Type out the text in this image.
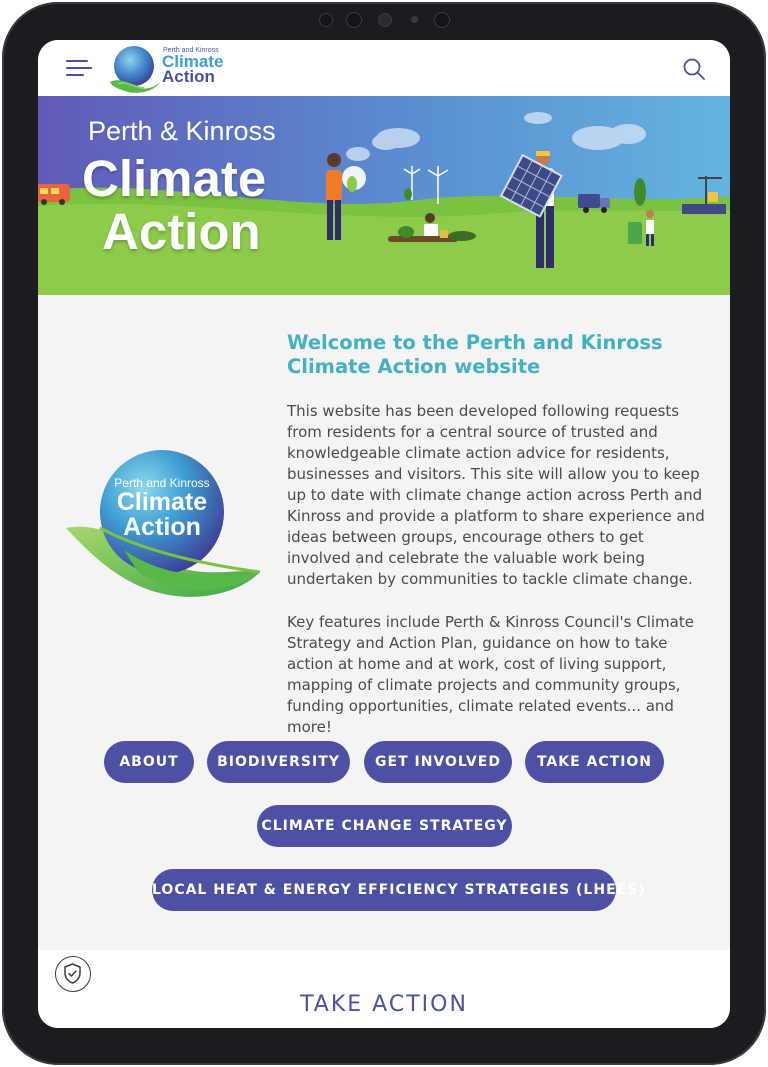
Perth and Kinross
Climate
Action
Perth & Kinross
Climate
Action
Perth and Kinross
Climate
Action
Welcome to the Perth and Kinross Climate Action website
This website has been developed following requests from residents for a central source of trusted and knowledgeable climate action advice for residents, businesses and visitors. This site will allow you to keep up to date with climate change action across Perth and Kinross and provide a platform to share experience and ideas between groups, encourage others to get involved and celebrate the valuable work being undertaken by communities to tackle climate change.
Key features include Perth & Kinross Council's Climate Strategy and Action Plan, guidance on how to take action at home and at work, cost of living support, mapping of climate projects and community groups, funding opportunities, climate related events... and more!
ABOUT	BIODIVERSITY	GET INVOLVED	TAKE ACTION
CLIMATE CHANGE STRATEGY
LOCAL HEAT & ENERGY EFFICIENCY STRATEGIES (LHEES)
TAKE ACTION
